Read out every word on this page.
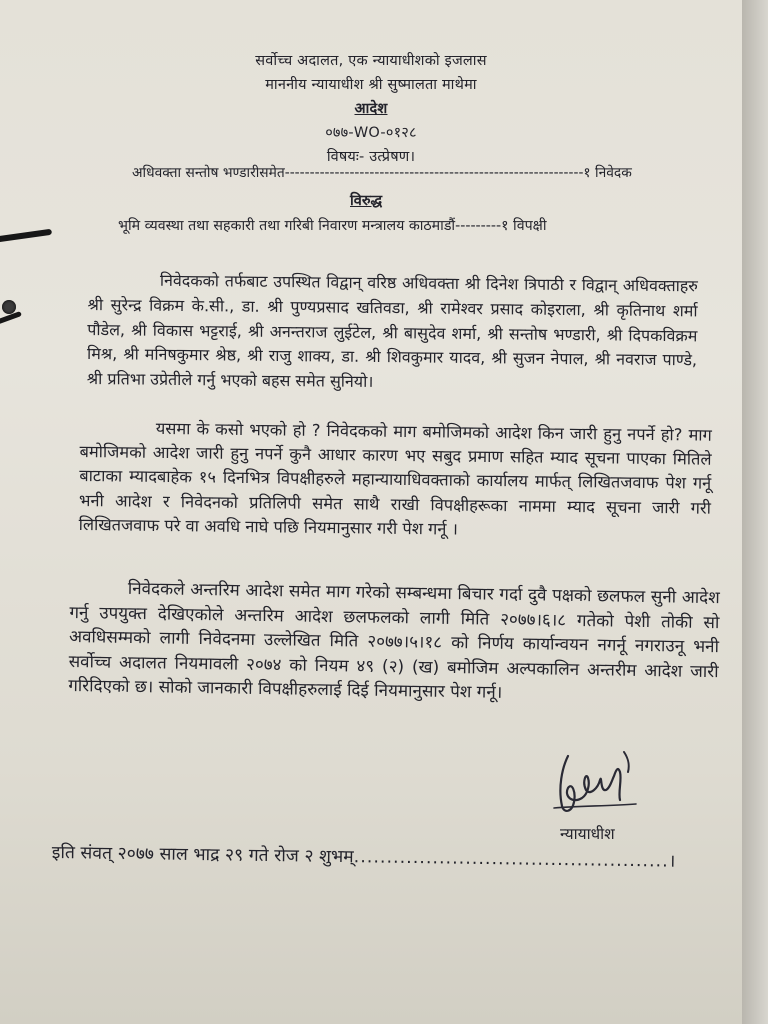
सर्वोच्च अदालत, एक न्यायाधीशको इजलास
माननीय न्यायाधीश श्री सुष्मालता माथेमा
आदेश
०७७-WO-०१२८
विषयः- उत्प्रेषण।
अधिवक्ता सन्तोष भण्डारीसमेत------------------------------------------------------------१ निवेदक
विरुद्ध
भूमि व्यवस्था तथा सहकारी तथा गरिबी निवारण मन्त्रालय काठमाडौं---------१ विपक्षी
निवेदकको तर्फबाट उपस्थित विद्वान् वरिष्ठ अधिवक्ता श्री दिनेश त्रिपाठी र विद्वान् अधिवक्ताहरु श्री सुरेन्द्र विक्रम के.सी., डा. श्री पुण्यप्रसाद खतिवडा, श्री रामेश्वर प्रसाद कोइराला, श्री कृतिनाथ शर्मा पौडेल, श्री विकास भट्टराई, श्री अनन्तराज लुईटेल, श्री बासुदेव शर्मा, श्री सन्तोष भण्डारी, श्री दिपकविक्रम मिश्र, श्री मनिषकुमार श्रेष्ठ, श्री राजु शाक्य, डा. श्री शिवकुमार यादव, श्री सुजन नेपाल, श्री नवराज पाण्डे, श्री प्रतिभा उप्रेतीले गर्नु भएको बहस समेत सुनियो।
यसमा के कसो भएको हो ? निवेदकको माग बमोजिमको आदेश किन जारी हुनु नपर्ने हो? माग बमोजिमको आदेश जारी हुनु नपर्ने कुनै आधार कारण भए सबुद प्रमाण सहित म्याद सूचना पाएका मितिले बाटाका म्यादबाहेक १५ दिनभित्र विपक्षीहरुले महान्यायाधिवक्ताको कार्यालय मार्फत् लिखितजवाफ पेश गर्नू भनी आदेश र निवेदनको प्रतिलिपी समेत साथै राखी विपक्षीहरूका नाममा म्याद सूचना जारी गरी लिखितजवाफ परे वा अवधि नाघे पछि नियमानुसार गरी पेश गर्नू ।
निवेदकले अन्तरिम आदेश समेत माग गरेको सम्बन्धमा बिचार गर्दा दुवै पक्षको छलफल सुनी आदेश गर्नु उपयुक्त देखिएकोले अन्तरिम आदेश छलफलको लागी मिति २०७७।६।८ गतेको पेशी तोकी सो अवधिसम्मको लागी निवेदनमा उल्लेखित मिति २०७७।५।१८ को निर्णय कार्यान्वयन नगर्नू नगराउनू भनी सर्वोच्च अदालत नियमावली २०७४ को नियम ४९ (२) (ख) बमोजिम अल्पकालिन अन्तरीम आदेश जारी गरिदिएको छ। सोको जानकारी विपक्षीहरुलाई दिई नियमानुसार पेश गर्नू।
न्यायाधीश
इति संवत् २०७७ साल भाद्र २९ गते रोज २ शुभम्................................................।
